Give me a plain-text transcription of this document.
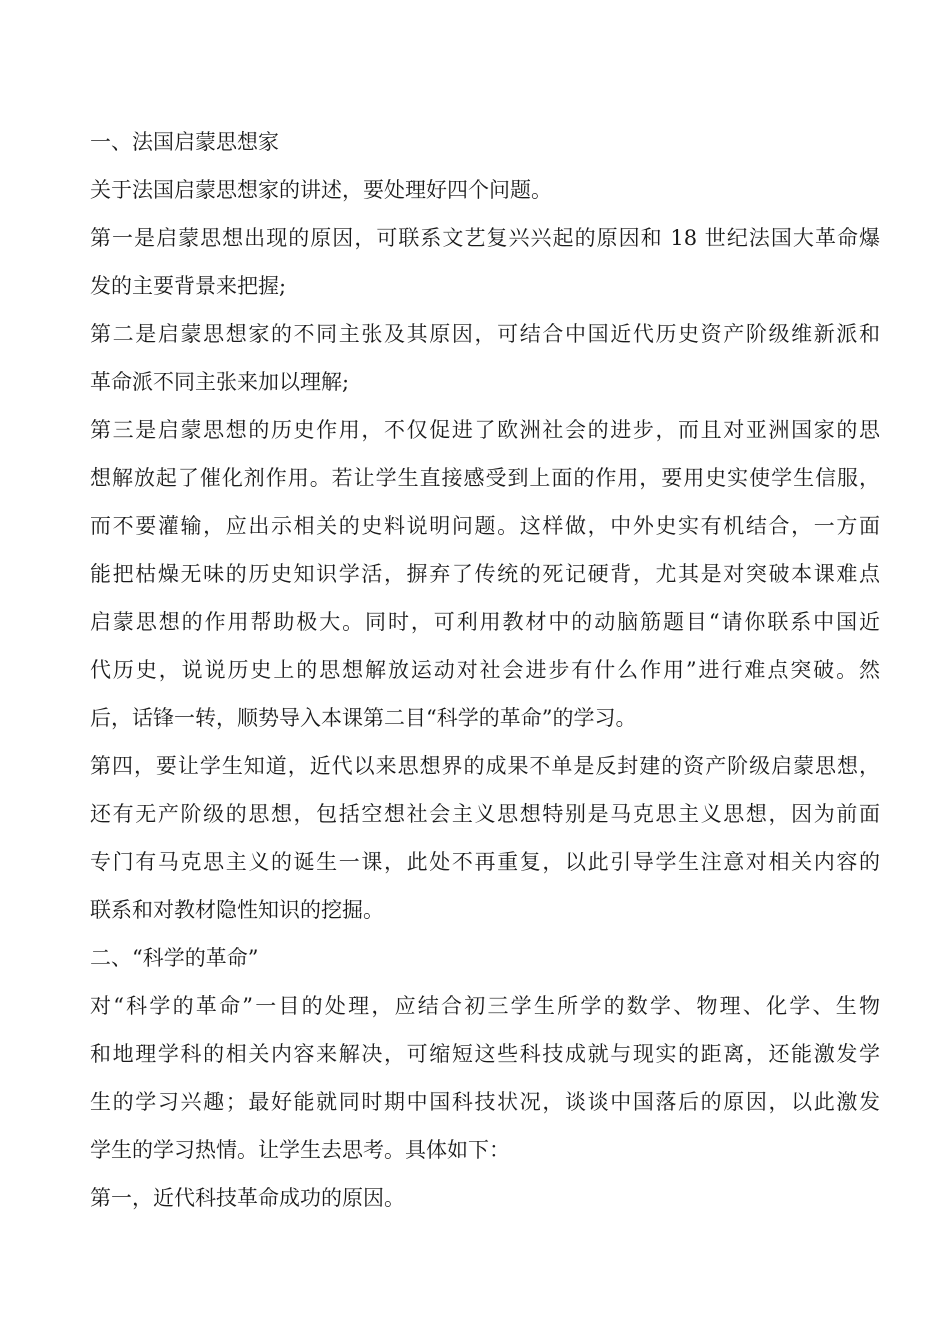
一、法国启蒙思想家
关于法国启蒙思想家的讲述，要处理好四个问题。
第一是启蒙思想出现的原因，可联系文艺复兴兴起的原因和 18 世纪法国大革命爆
发的主要背景来把握;
第二是启蒙思想家的不同主张及其原因，可结合中国近代历史资产阶级维新派和
革命派不同主张来加以理解;
第三是启蒙思想的历史作用，不仅促进了欧洲社会的进步，而且对亚洲国家的思
想解放起了催化剂作用。若让学生直接感受到上面的作用，要用史实使学生信服，
而不要灌输，应出示相关的史料说明问题。这样做，中外史实有机结合，一方面
能把枯燥无味的历史知识学活，摒弃了传统的死记硬背，尤其是对突破本课难点
启蒙思想的作用帮助极大。同时，可利用教材中的动脑筋题目“请你联系中国近
代历史，说说历史上的思想解放运动对社会进步有什么作用”进行难点突破。然
后，话锋一转，顺势导入本课第二目“科学的革命”的学习。
第四，要让学生知道，近代以来思想界的成果不单是反封建的资产阶级启蒙思想，
还有无产阶级的思想，包括空想社会主义思想特别是马克思主义思想，因为前面
专门有马克思主义的诞生一课，此处不再重复，以此引导学生注意对相关内容的
联系和对教材隐性知识的挖掘。
二、“科学的革命”
对“科学的革命”一目的处理，应结合初三学生所学的数学、物理、化学、生物
和地理学科的相关内容来解决，可缩短这些科技成就与现实的距离，还能激发学
生的学习兴趣；最好能就同时期中国科技状况，谈谈中国落后的原因，以此激发
学生的学习热情。让学生去思考。具体如下：
第一，近代科技革命成功的原因。
